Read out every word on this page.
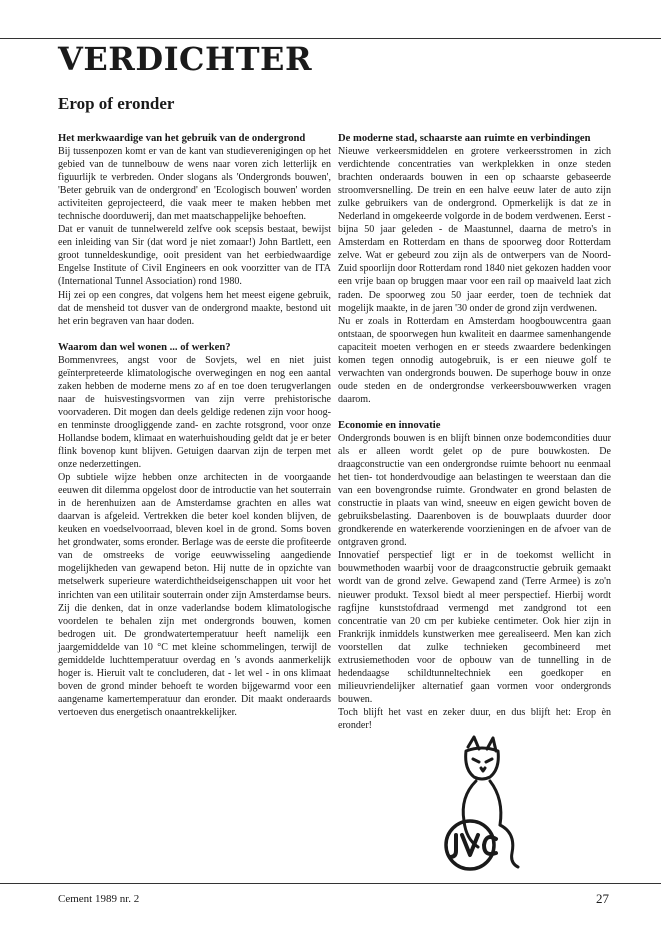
VERDICHTER
Erop of eronder
Het merkwaardige van het gebruik van de ondergrond

Bij tussenpozen komt er van de kant van studieverenigingen op het gebied van de tunnelbouw de wens naar voren zich letterlijk en figuurlijk te verbreden. Onder slogans als 'Ondergronds bouwen', 'Beter gebruik van de ondergrond' en 'Ecologisch bouwen' worden activiteiten geprojecteerd, die vaak meer te maken hebben met technische doorduwerij, dan met maatschappelijke behoeften.

Dat er vanuit de tunnelwereld zelfve ook scepsis bestaat, bewijst een inleiding van Sir (dat word je niet zomaar!) John Bartlett, een groot tunneldeskundige, ooit president van het eerbiedwaardige Engelse Institute of Civil Engineers en ook voorzitter van de ITA (International Tunnel Association) rond 1980.

Hij zei op een congres, dat volgens hem het meest eigene gebruik, dat de mensheid tot dusver van de ondergrond maakte, bestond uit het erin begraven van haar doden.

Waarom dan wel wonen ... of werken?

Bommenvrees, angst voor de Sovjets, wel en niet juist geïnterpreteerde klimatologische overwegingen en nog een aantal zaken hebben de moderne mens zo af en toe doen terugverlangen naar de huisvestingsvormen van zijn verre prehistorische voorvaderen. Dit mogen dan deels geldige redenen zijn voor hoog- en tenminste droogliggende zand- en zachte rotsgrond, voor onze Hollandse bodem, klimaat en waterhuishouding geldt dat je er beter flink bovenop kunt blijven. Getuigen daarvan zijn de terpen met onze nederzettingen.

Op subtiele wijze hebben onze architecten in de voorgaande eeuwen dit dilemma opgelost door de introductie van het souterrain in de herenhuizen aan de Amsterdamse grachten en alles wat daarvan is afgeleid. Vertrekken die beter koel konden blijven, de keuken en voedselvoorraad, bleven koel in de grond. Soms boven het grondwater, soms eronder. Berlage was de eerste die profiteerde van de omstreeks de vorige eeuwwisseling aangediende mogelijkheden van gewapend beton. Hij nutte de in opzichte van metselwerk superieure waterdichtheidseigenschappen uit voor het inrichten van een utilitair souterrain onder zijn Amsterdamse beurs. Zij die denken, dat in onze vaderlandse bodem klimatologische voordelen te behalen zijn met ondergronds bouwen, komen bedrogen uit. De grondwatertemperatuur heeft namelijk een jaargemiddelde van 10 °C met kleine schommelingen, terwijl de gemiddelde luchttemperatuur overdag en 's avonds aanmerkelijk hoger is. Hieruit valt te concluderen, dat - let wel - in ons klimaat boven de grond minder behoeft te worden bijgewarmd voor een aangename kamertemperatuur dan eronder. Dit maakt onderaards vertoeven dus energetisch onaantrekkelijker.

De moderne stad, schaarste aan ruimte en verbindingen

Nieuwe verkeersmiddelen en grotere verkeersstromen in zich verdichtende concentraties van werkplekken in onze steden brachten onderaards bouwen in een op schaarste gebaseerde stroomversnelling. De trein en een halve eeuw later de auto zijn zulke gebruikers van de ondergrond. Opmerkelijk is dat ze in Nederland in omgekeerde volgorde in de bodem verdwenen. Eerst - bijna 50 jaar geleden - de Maastunnel, daarna de metro's in Amsterdam en Rotterdam en thans de spoorweg door Rotterdam zelve. Wat er gebeurd zou zijn als de ontwerpers van de Noord-Zuid spoorlijn door Rotterdam rond 1840 niet gekozen hadden voor een vrije baan op bruggen maar voor een rail op maaiveld laat zich raden. De spoorweg zou 50 jaar eerder, toen de techniek dat mogelijk maakte, in de jaren '30 onder de grond zijn verdwenen.

Nu er zoals in Rotterdam en Amsterdam hoogbouwcentra gaan ontstaan, de spoorwegen hun kwaliteit en daarmee samenhangende capaciteit moeten verhogen en er steeds zwaardere bedenkingen komen tegen onnodig autogebruik, is er een nieuwe golf te verwachten van ondergronds bouwen. De superhoge bouw in onze oude steden en de ondergrondse verkeersbouwwerken vragen daarom.

Economie en innovatie

Ondergronds bouwen is en blijft binnen onze bodemcondities duur als er alleen wordt gelet op de pure bouwkosten. De draagconstructie van een ondergrondse ruimte behoort nu eenmaal het tien- tot honderdvoudige aan belastingen te weerstaan dan die van een bovengrondse ruimte. Grondwater en grond belasten de constructie in plaats van wind, sneeuw en eigen gewicht boven de gebruiksbelasting. Daarenboven is de bouwplaats duurder door grondkerende en waterkerende voorzieningen en de afvoer van de ontgraven grond.

Innovatief perspectief ligt er in de toekomst wellicht in bouwmethoden waarbij voor de draagconstructie gebruik gemaakt wordt van de grond zelve. Gewapend zand (Terre Armee) is zo'n nieuwer produkt. Texsol biedt al meer perspectief. Hierbij wordt ragfijne kunststofdraad vermengd met zandgrond tot een concentratie van 20 cm per kubieke centimeter. Ook hier zijn in Frankrijk inmiddels kunstwerken mee gerealiseerd. Men kan zich voorstellen dat zulke technieken gecombineerd met extrusiemethoden voor de opbouw van de tunnelling in de hedendaagse schildtunneltechniek een goedkoper en milieuvriendelijker alternatief gaan vormen voor ondergronds bouwen.

Toch blijft het vast en zeker duur, en dus blijft het: Erop èn eronder!

Cement 1989 nr. 2	27
